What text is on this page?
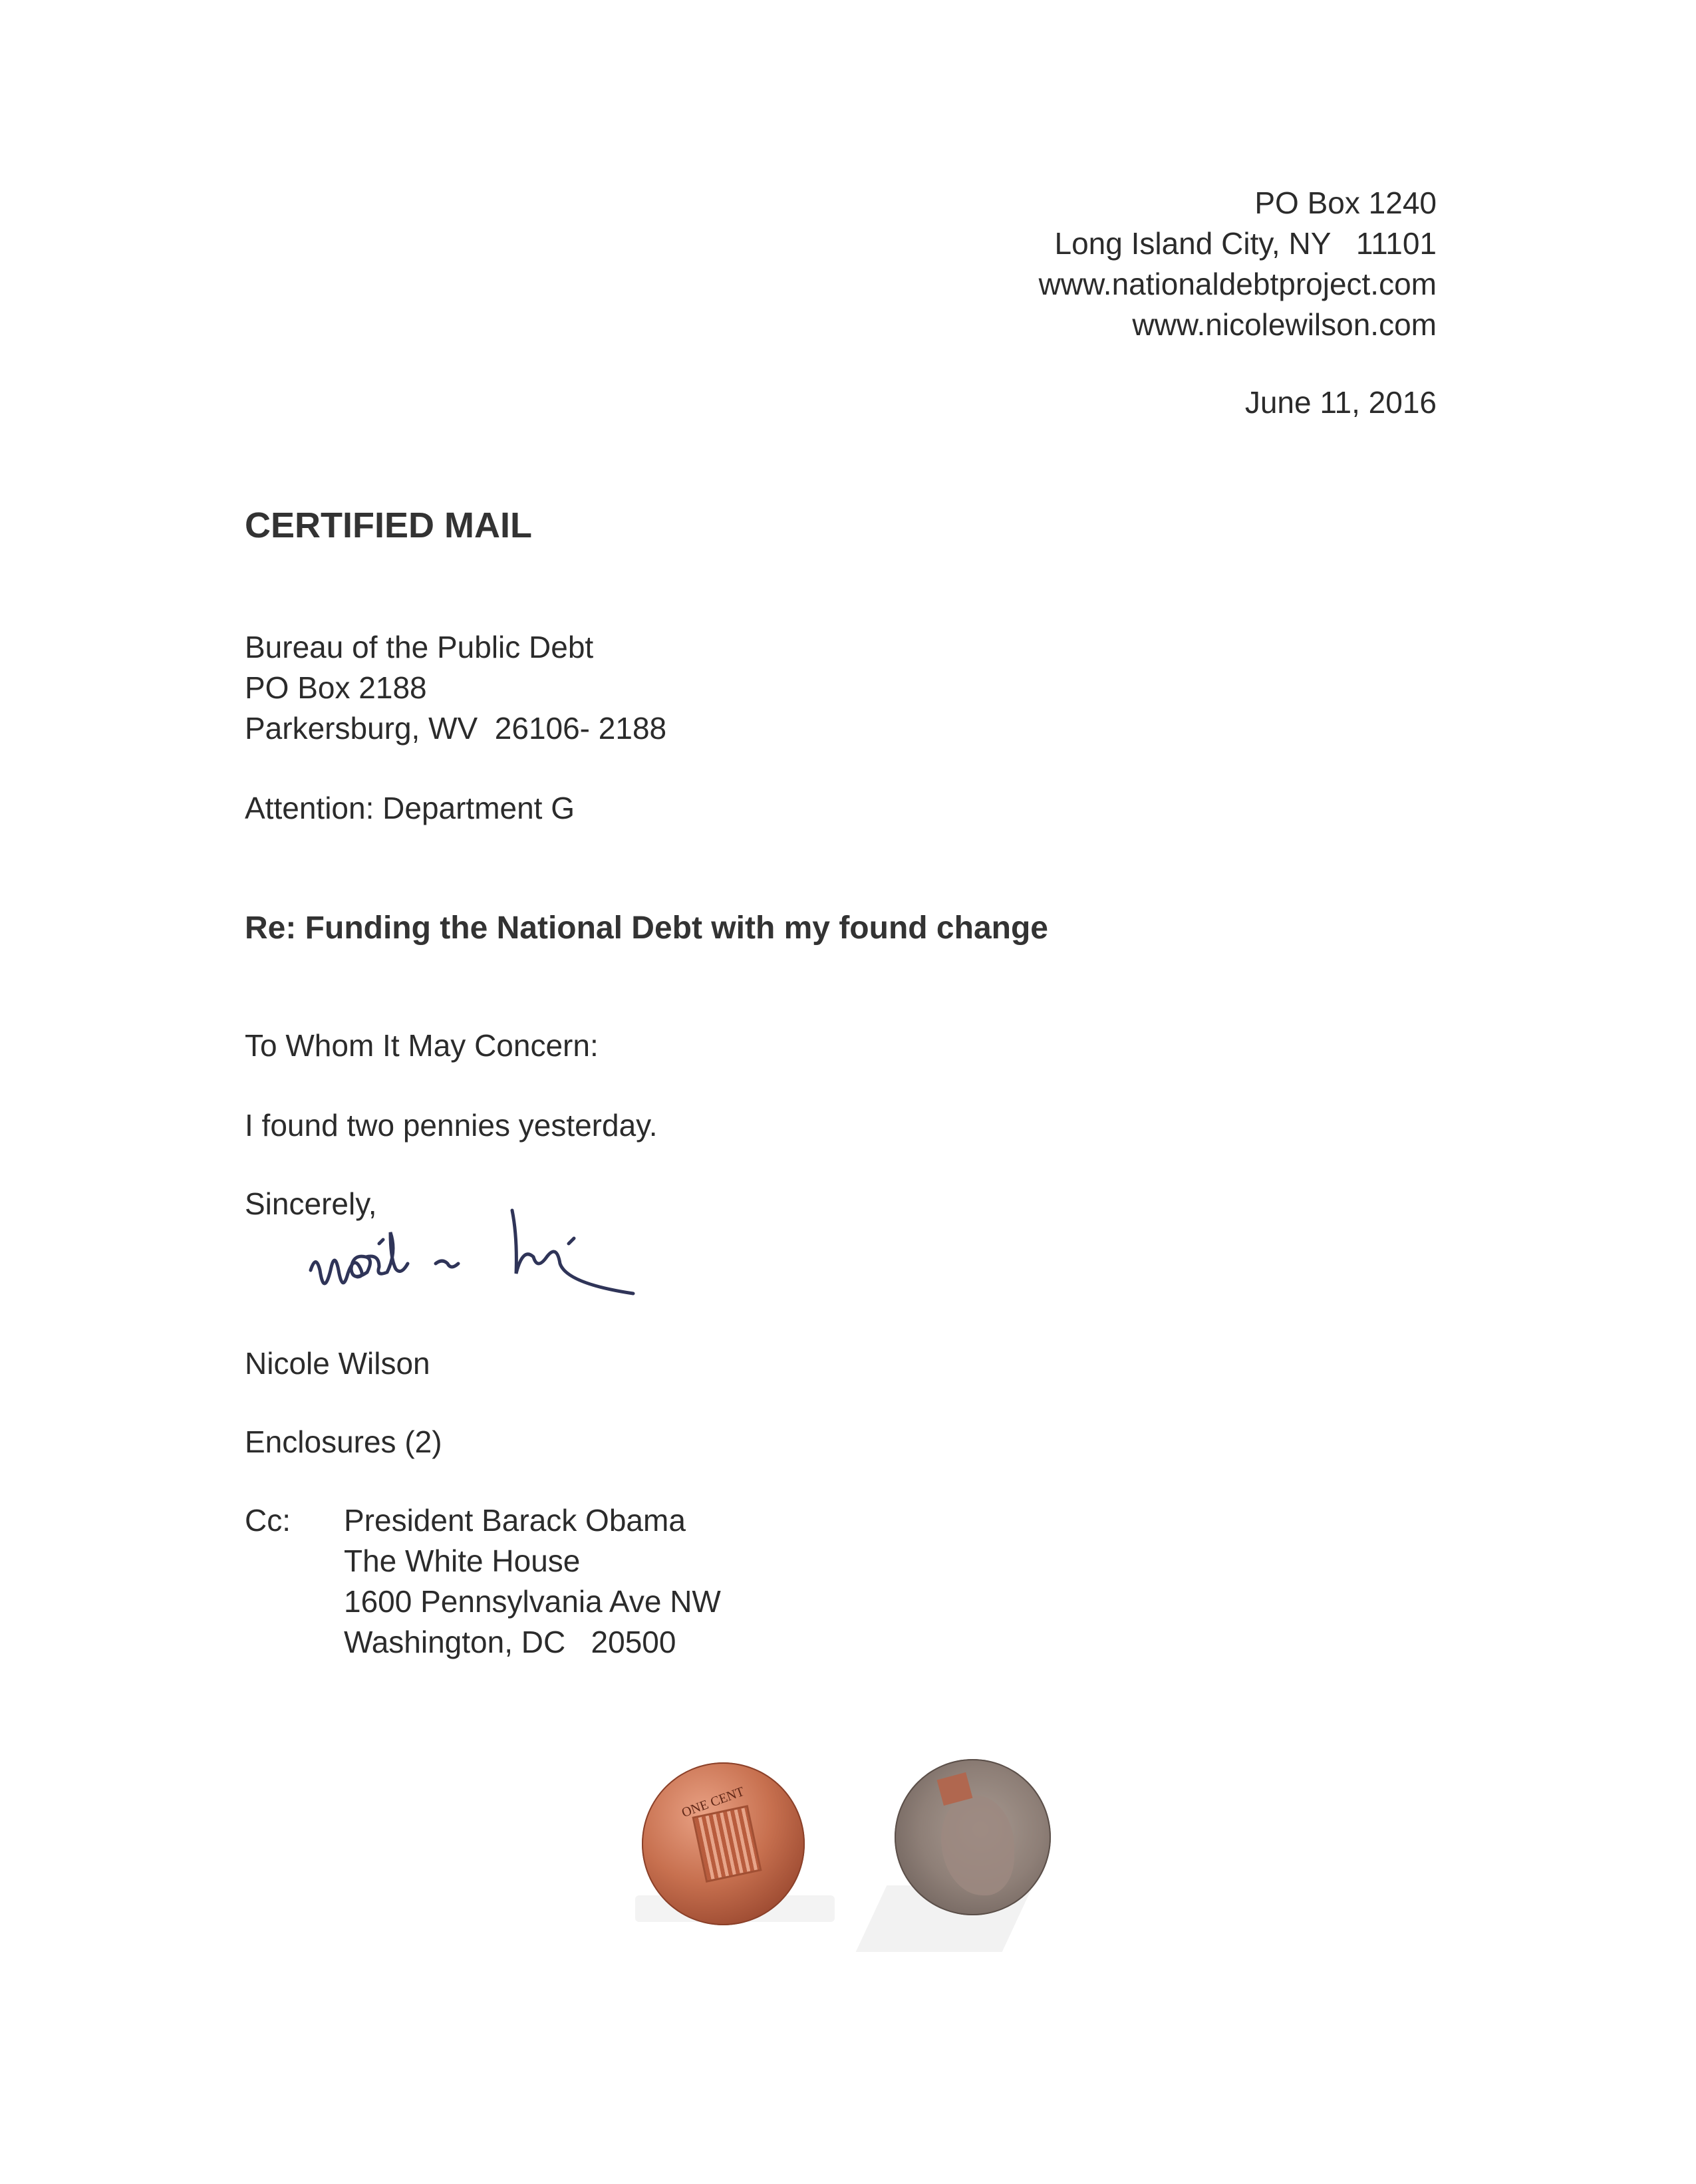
PO Box 1240
Long Island City, NY   11101
www.nationaldebtproject.com
www.nicolewilson.com
June 11, 2016
CERTIFIED MAIL
Bureau of the Public Debt
PO Box 2188
Parkersburg, WV  26106- 2188
Attention: Department G
Re: Funding the National Debt with my found change
To Whom It May Concern:
I found two pennies yesterday.
Sincerely,
Nicole Wilson
Enclosures (2)
Cc: President Barack Obama
The White House
1600 Pennsylvania Ave NW
Washington, DC   20500
ONE CENT
